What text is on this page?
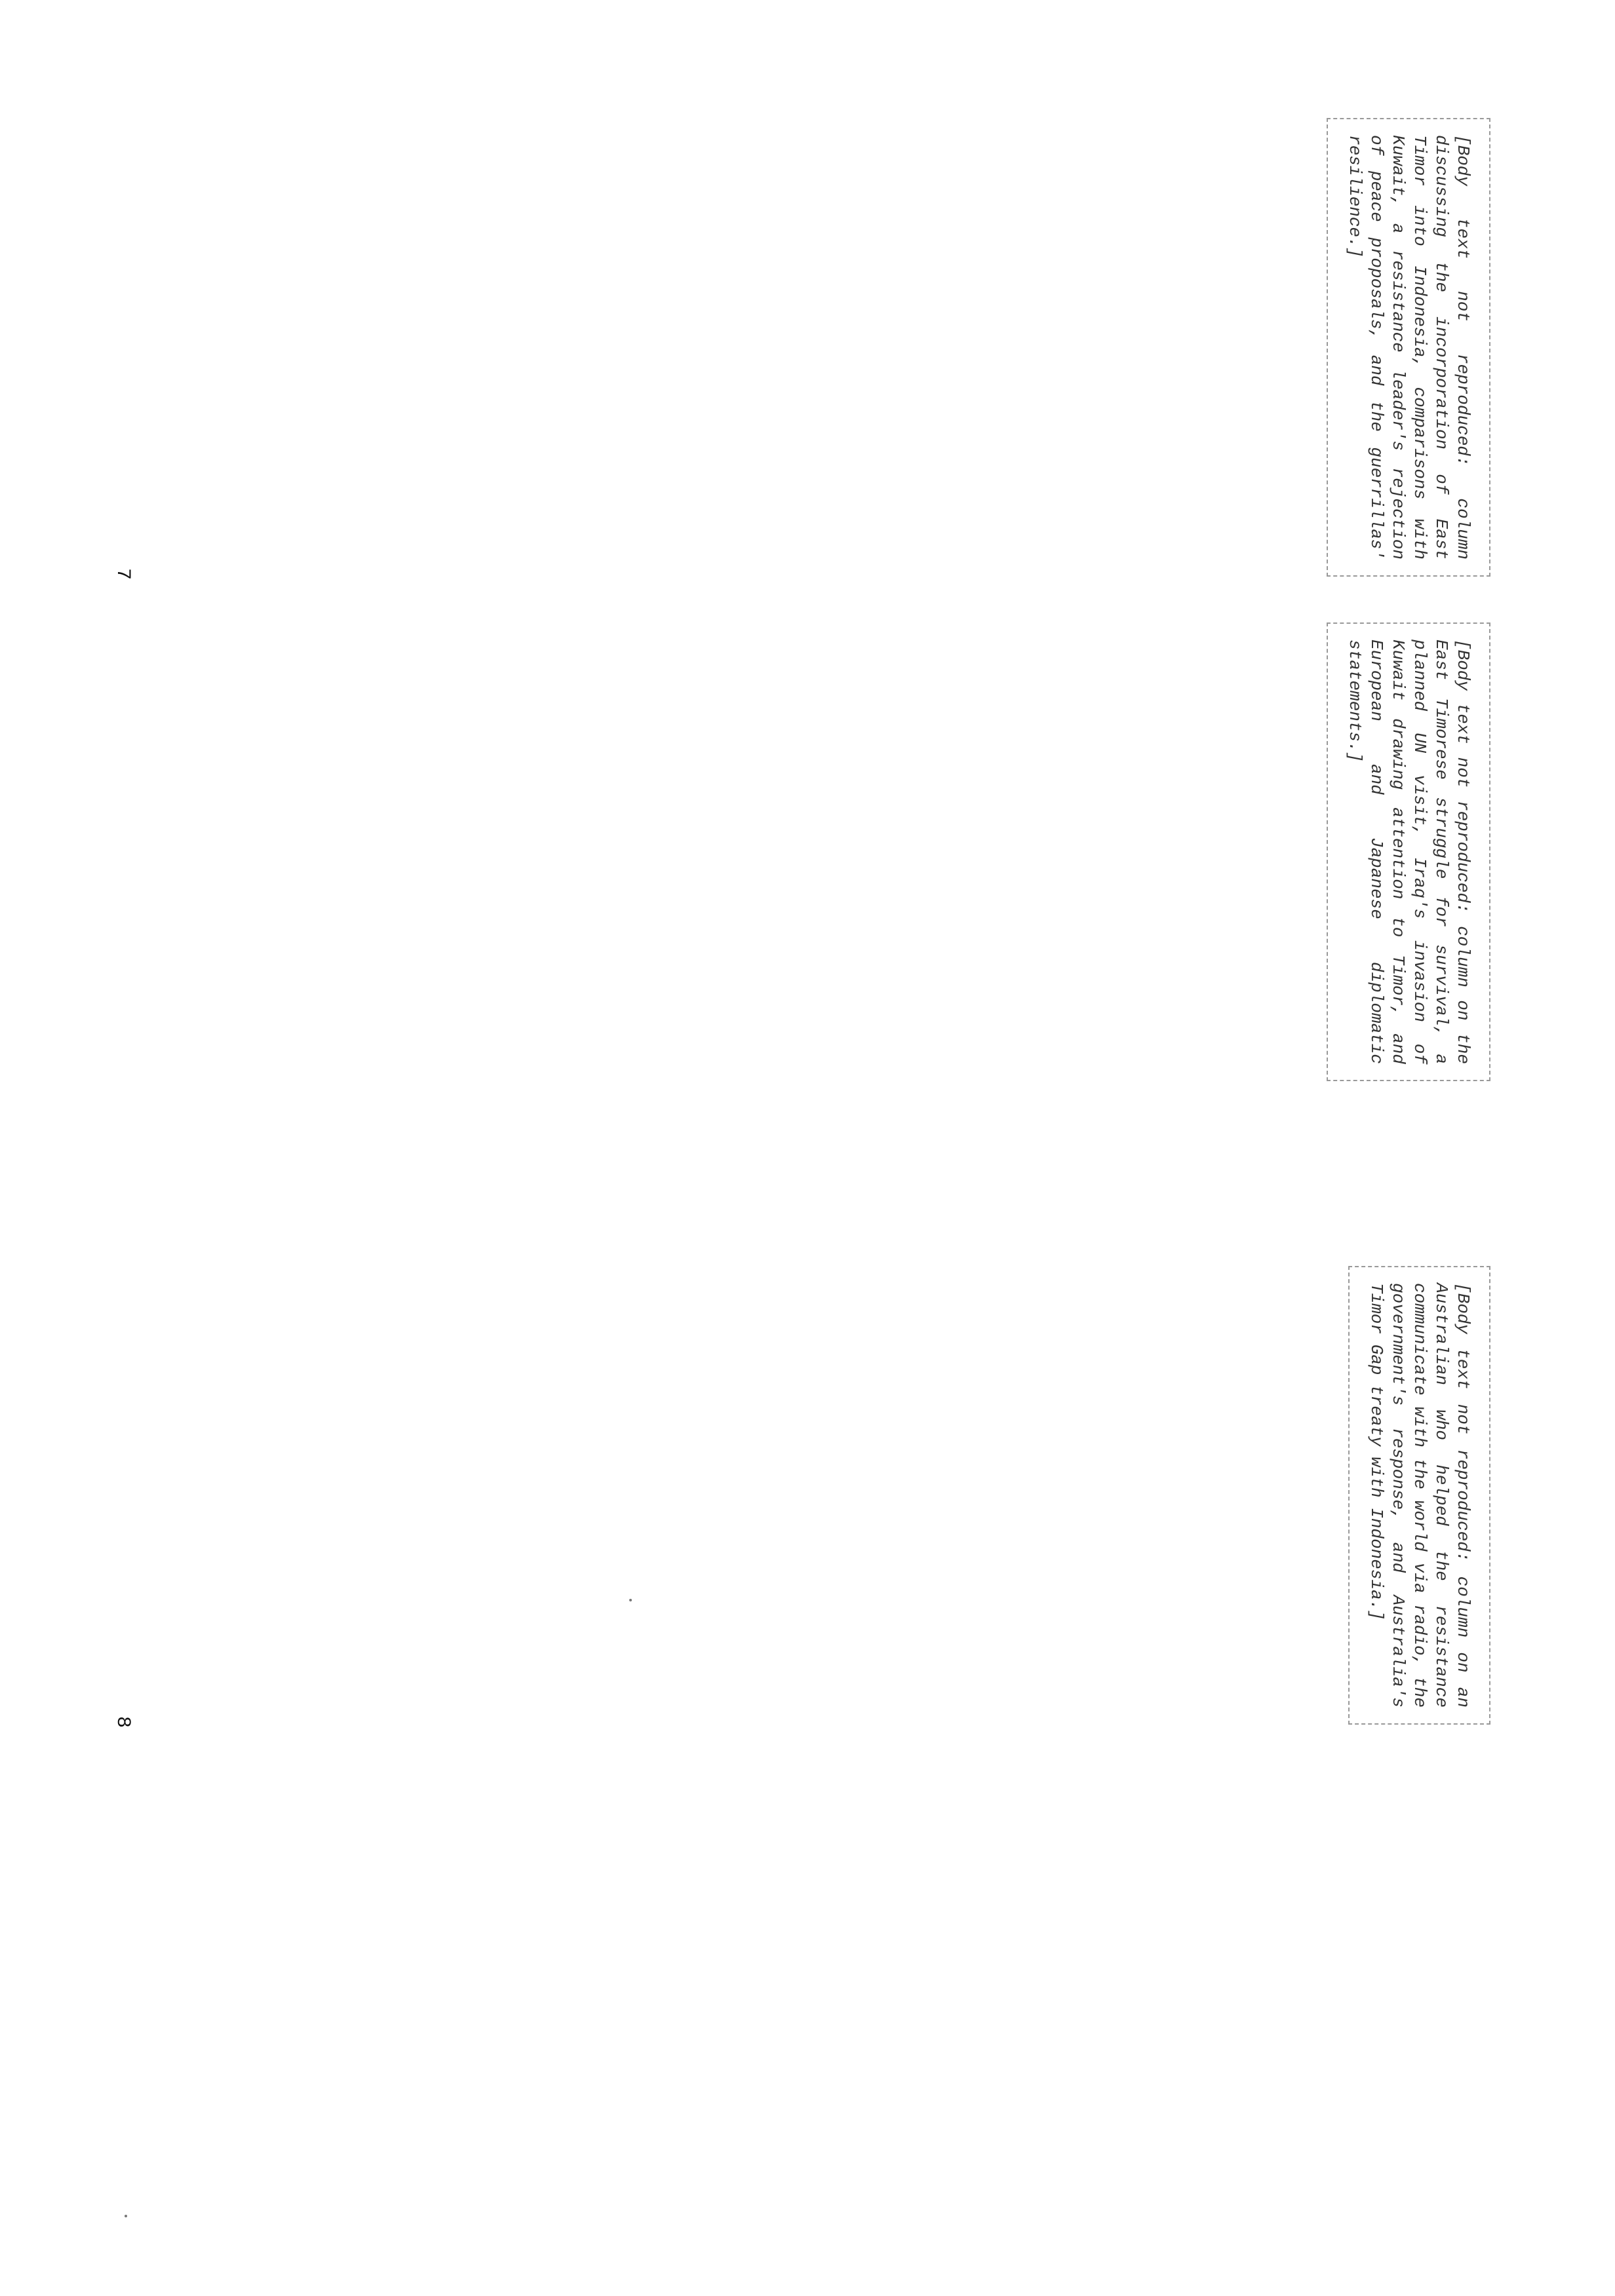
[Body text not reproduced: column discussing the incorporation of East Timor into Indonesia, comparisons with Kuwait, a resistance leader's rejection of peace proposals, and the guerrillas' resilience.]
[Body text not reproduced: column on the East Timorese struggle for survival, a planned UN visit, Iraq's invasion of Kuwait drawing attention to Timor, and European and Japanese diplomatic statements.]
7
[Body text not reproduced: column on an Australian who helped the resistance communicate with the world via radio, the government's response, and Australia's Timor Gap treaty with Indonesia.]
8
